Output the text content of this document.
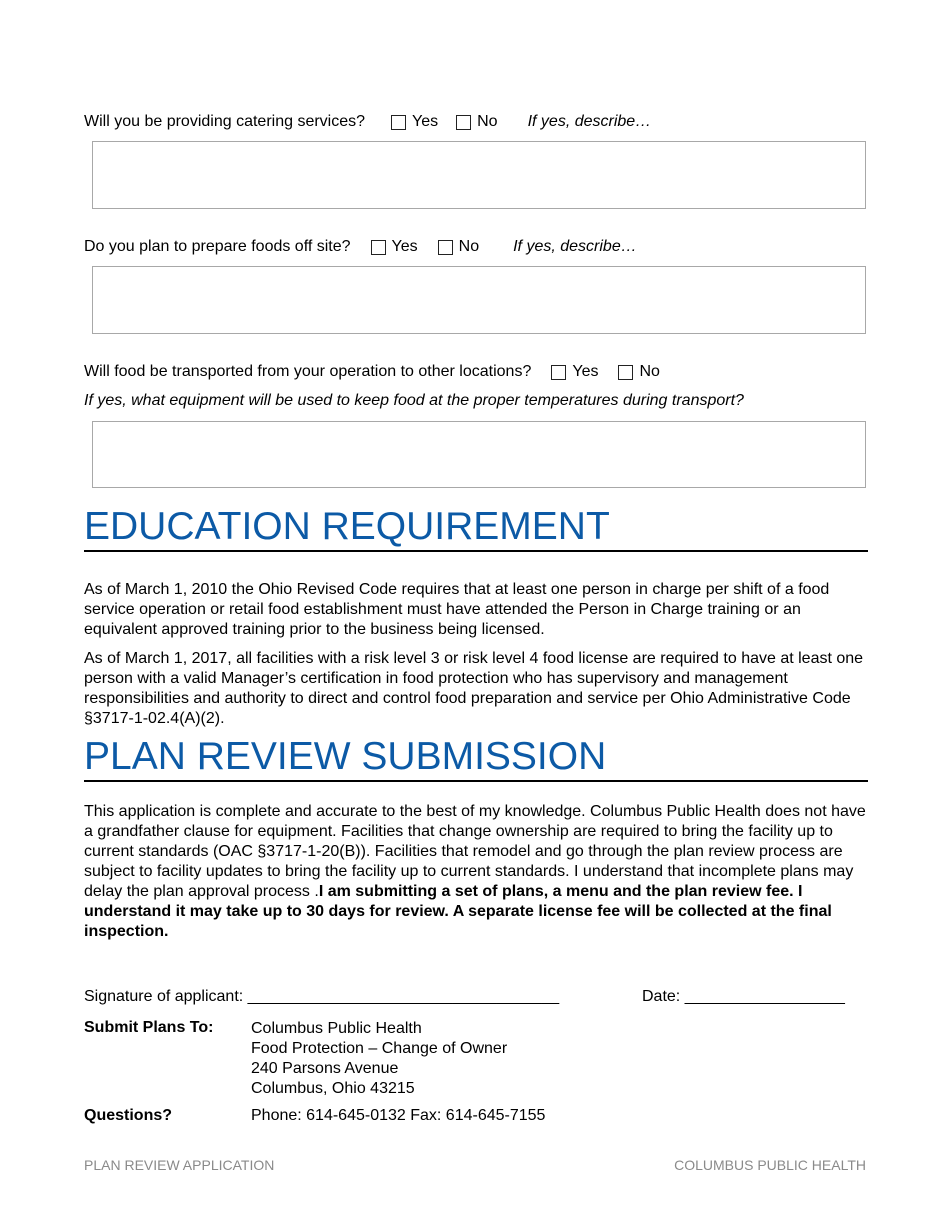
Will you be providing catering services?	Yes No If yes, describe…
Do you plan to prepare foods off site?	Yes	No If yes, describe…
Will food be transported from your operation to other locations?	Yes	No
If yes, what equipment will be used to keep food at the proper temperatures during transport?
EDUCATION REQUIREMENT
As of March 1, 2010 the Ohio Revised Code requires that at least one person in charge per shift of a food service operation or retail food establishment must have attended the Person in Charge training or an equivalent approved training prior to the business being licensed.
As of March 1, 2017, all facilities with a risk level 3 or risk level 4 food license are required to have at least one person with a valid Manager’s certification in food protection who has supervisory and management responsibilities and authority to direct and control food preparation and service per Ohio Administrative Code §3717-1-02.4(A)(2).
PLAN REVIEW SUBMISSION
This application is complete and accurate to the best of my knowledge. Columbus Public Health does not have a grandfather clause for equipment. Facilities that change ownership are required to bring the facility up to current standards (OAC §3717-1-20(B)). Facilities that remodel and go through the plan review process are subject to facility updates to bring the facility up to current standards. I understand that incomplete plans may delay the plan approval process .I am submitting a set of plans, a menu and the plan review fee. I understand it may take up to 30 days for review. A separate license fee will be collected at the final inspection.
Signature of applicant: ___________________________________	Date: __________________
Submit Plans To: Columbus Public Health
Food Protection – Change of Owner
240 Parsons Avenue
Columbus, Ohio 43215
Questions?	Phone: 614-645-0132 Fax: 614-645-7155
PLAN REVIEW APPLICATION	COLUMBUS PUBLIC HEALTH
